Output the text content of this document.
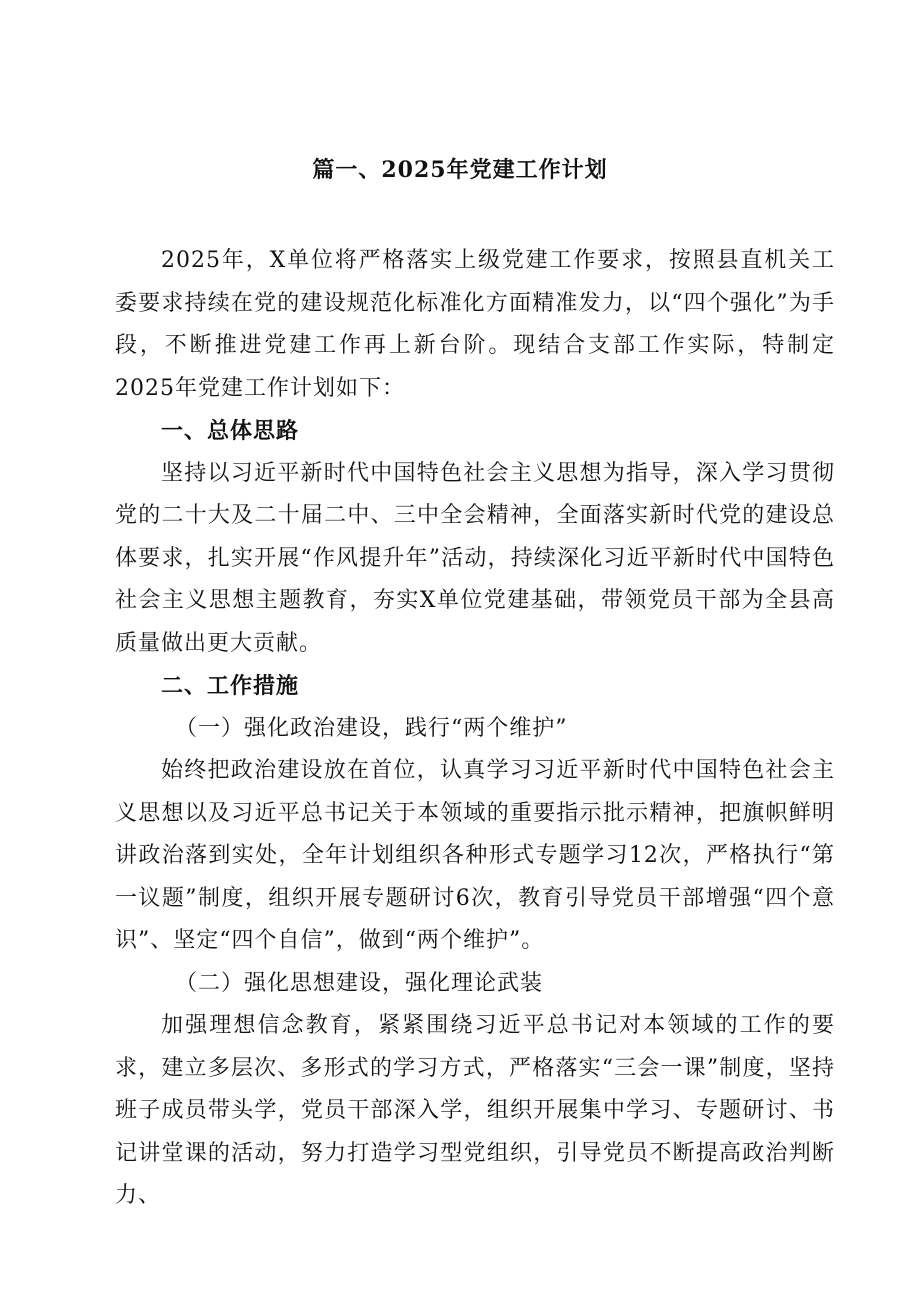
篇一、2025年党建工作计划

2025年，X单位将严格落实上级党建工作要求，按照县直机关工委要求持续在党的建设规范化标准化方面精准发力，以“四个强化”为手段，不断推进党建工作再上新台阶。现结合支部工作实际，特制定2025年党建工作计划如下：

一、总体思路

坚持以习近平新时代中国特色社会主义思想为指导，深入学习贯彻党的二十大及二十届二中、三中全会精神，全面落实新时代党的建设总体要求，扎实开展“作风提升年”活动，持续深化习近平新时代中国特色社会主义思想主题教育，夯实X单位党建基础，带领党员干部为全县高质量做出更大贡献。

二、工作措施
（一）强化政治建设，践行“两个维护”

始终把政治建设放在首位，认真学习习近平新时代中国特色社会主义思想以及习近平总书记关于本领域的重要指示批示精神，把旗帜鲜明讲政治落到实处，全年计划组织各种形式专题学习12次，严格执行“第一议题”制度，组织开展专题研讨6次，教育引导党员干部增强“四个意识”、坚定“四个自信”，做到“两个维护”。

（二）强化思想建设，强化理论武装

加强理想信念教育，紧紧围绕习近平总书记对本领域的工作的要求，建立多层次、多形式的学习方式，严格落实“三会一课”制度，坚持班子成员带头学，党员干部深入学，组织开展集中学习、专题研讨、书记讲堂课的活动，努力打造学习型党组织，引导党员不断提高政治判断力、
